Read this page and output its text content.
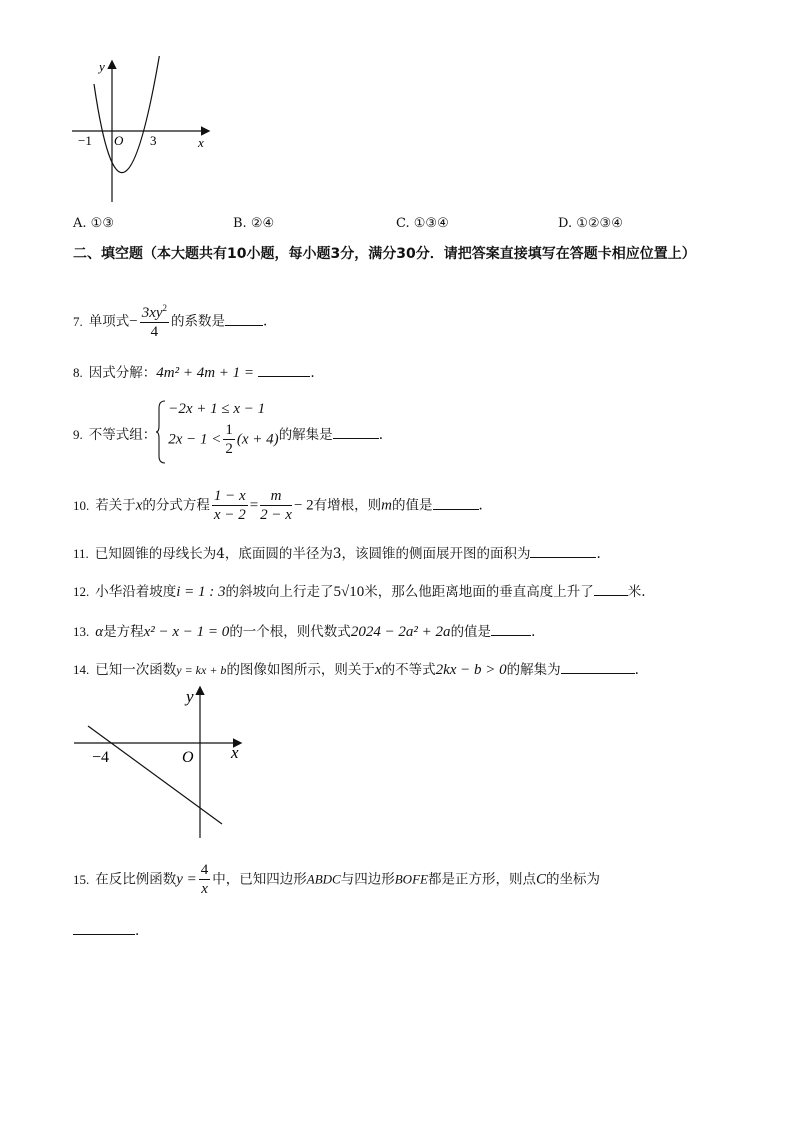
y
x
O
−1	3
A. ①③	B. ②④	C. ①③④	D. ①②③④
二、填空题（本大题共有10小题，每小题3分，满分30分．请把答案直接填写在答题卡相应位置上）
7. 单项式− $\frac{3xy^2}{4}$ 的系数是	.
8. 因式分解：4m² + 4m + 1 =	.
9. 不等式组：
−2x + 1 ≤ x − 1
$2x - 1 < \frac{1}{2} (x + 4)$ 的解集是	.
10. 若关于x的分式方程 $\frac{1 - x}{x - 2} = \frac{m}{2 - x} - 2$有增根，则m的值是	.
11. 已知圆锥的母线长为4，底面圆的半径为3，该圆锥的侧面展开图的面积为	.
12. 小华沿着坡度i = 1 : 3的斜坡向上行走了5√10米，那么他距离地面的垂直高度上升了	米.
13. α是方程x² − x − 1 = 0的一个根，则代数式2024 − 2a² + 2a的值是	.
14. 已知一次函数y = kx + b的图像如图所示，则关于x的不等式2kx − b > 0的解集为	.
y
x
O
−4
15. 在反比例函数$y = \frac{4}{x}$ 中，已知四边形ABDC与四边形BOFE都是正方形，则点C的坐标为
.
